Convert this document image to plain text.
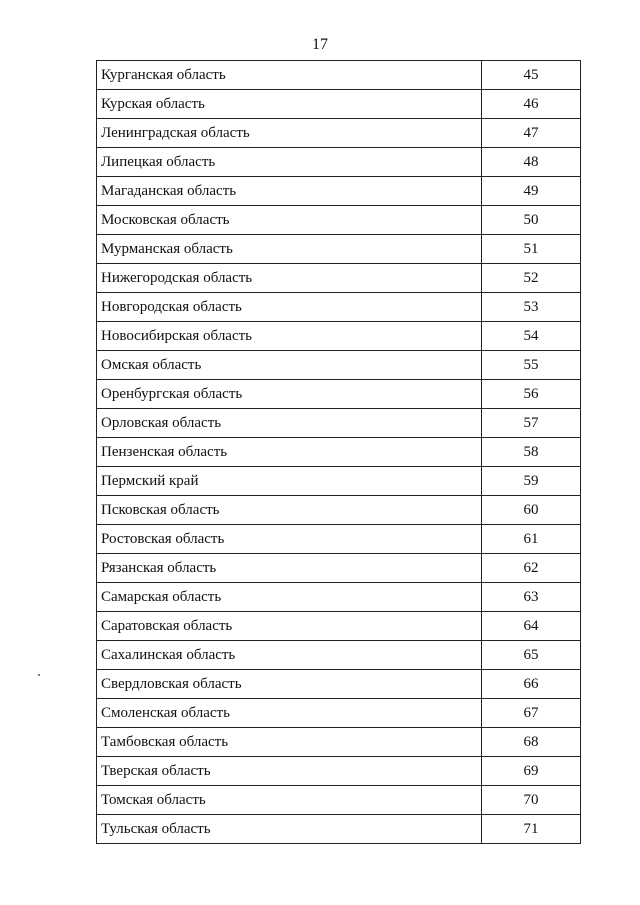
17
Курганская область	45
Курская область	46
Ленинградская область	47
Липецкая область	48
Магаданская область	49
Московская область	50
Мурманская область	51
Нижегородская область	52
Новгородская область	53
Новосибирская область	54
Омская область	55
Оренбургская область	56
Орловская область	57
Пензенская область	58
Пермский край	59
Псковская область	60
Ростовская область	61
Рязанская область	62
Самарская область	63
Саратовская область	64
Сахалинская область	65
Свердловская область	66
Смоленская область	67
Тамбовская область	68
Тверская область	69
Томская область	70
Тульская область	71
